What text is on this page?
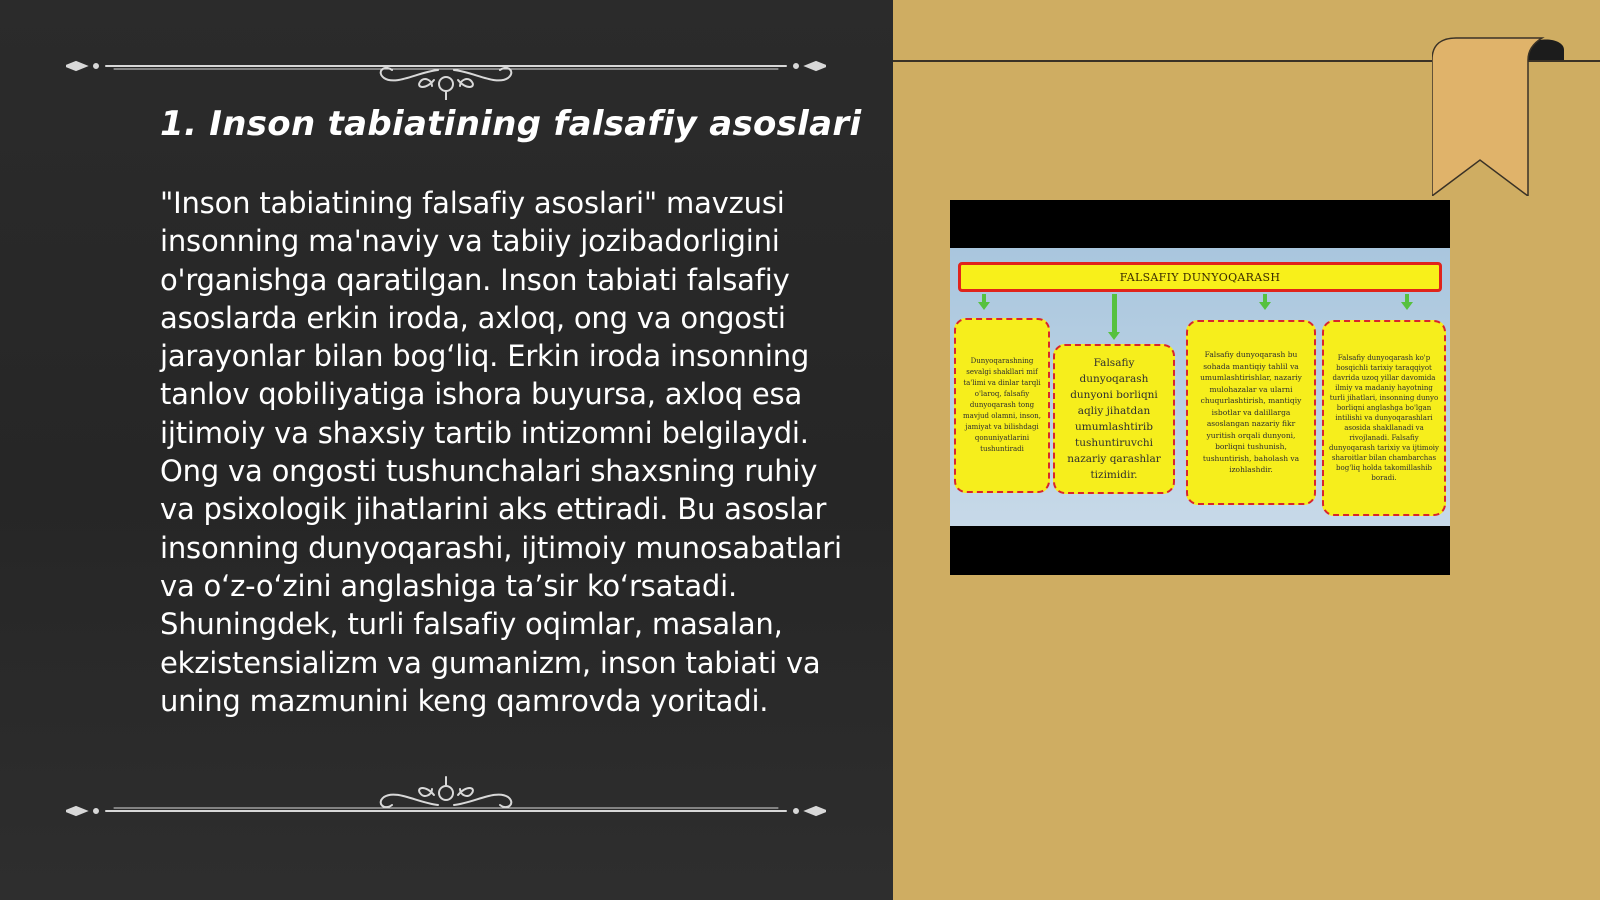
1. Inson tabiatining falsafiy asoslari

"Inson tabiatining falsafiy asoslari" mavzusi insonning ma'naviy va tabiiy jozibadorligini o'rganishga qaratilgan. Inson tabiati falsafiy asoslarda erkin iroda, axloq, ong va ongosti jarayonlar bilan bog‘liq. Erkin iroda insonning tanlov qobiliyatiga ishora buyursa, axloq esa ijtimoiy va shaxsiy tartib intizomni belgilaydi. Ong va ongosti tushunchalari shaxsning ruhiy va psixologik jihatlarini aks ettiradi. Bu asoslar insonning dunyoqarashi, ijtimoiy munosabatlari va o‘z-o‘zini anglashiga ta’sir ko‘rsatadi. Shuningdek, turli falsafiy oqimlar, masalan, ekzistensializm va gumanizm, inson tabiati va uning mazmunini keng qamrovda yoritadi.

FALSAFIY DUNYOQARASH
Dunyoqarashning sevalgi shakllari mif ta'limi va dinlar tarqli o'laroq, falsafiy dunyoqarash tong mavjud olamni, inson, jamiyat va bilishdagi qonuniyatlarini tushuntiradi
Falsafiy dunyoqarash dunyoni borliqni aqliy jihatdan umumlashtirib tushuntiruvchi nazariy qarashlar tizimidir.
Falsafiy dunyoqarash bu sohada mantiqiy tahlil va umumlashtirishlar, nazariy mulohazalar va ularni chuqurlashtirish, mantiqiy isbotlar va dalillarga asoslangan nazariy fikr yuritish orqali dunyoni, borliqni tushunish, tushuntirish, baholash va izohlashdir.
Falsafiy dunyoqarash ko'p bosqichli tarixiy taraqqiyot davrida uzoq yillar davomida ilmiy va madaniy hayotning turli jihatlari, insonning dunyo borliqni anglashga bo'lgan intilishi va dunyoqarashlari asosida shakllanadi va rivojlanadi. Falsafiy dunyoqarash tarixiy va ijtimoiy sharoitlar bilan chambarchas bog'liq holda takomillashib boradi.
